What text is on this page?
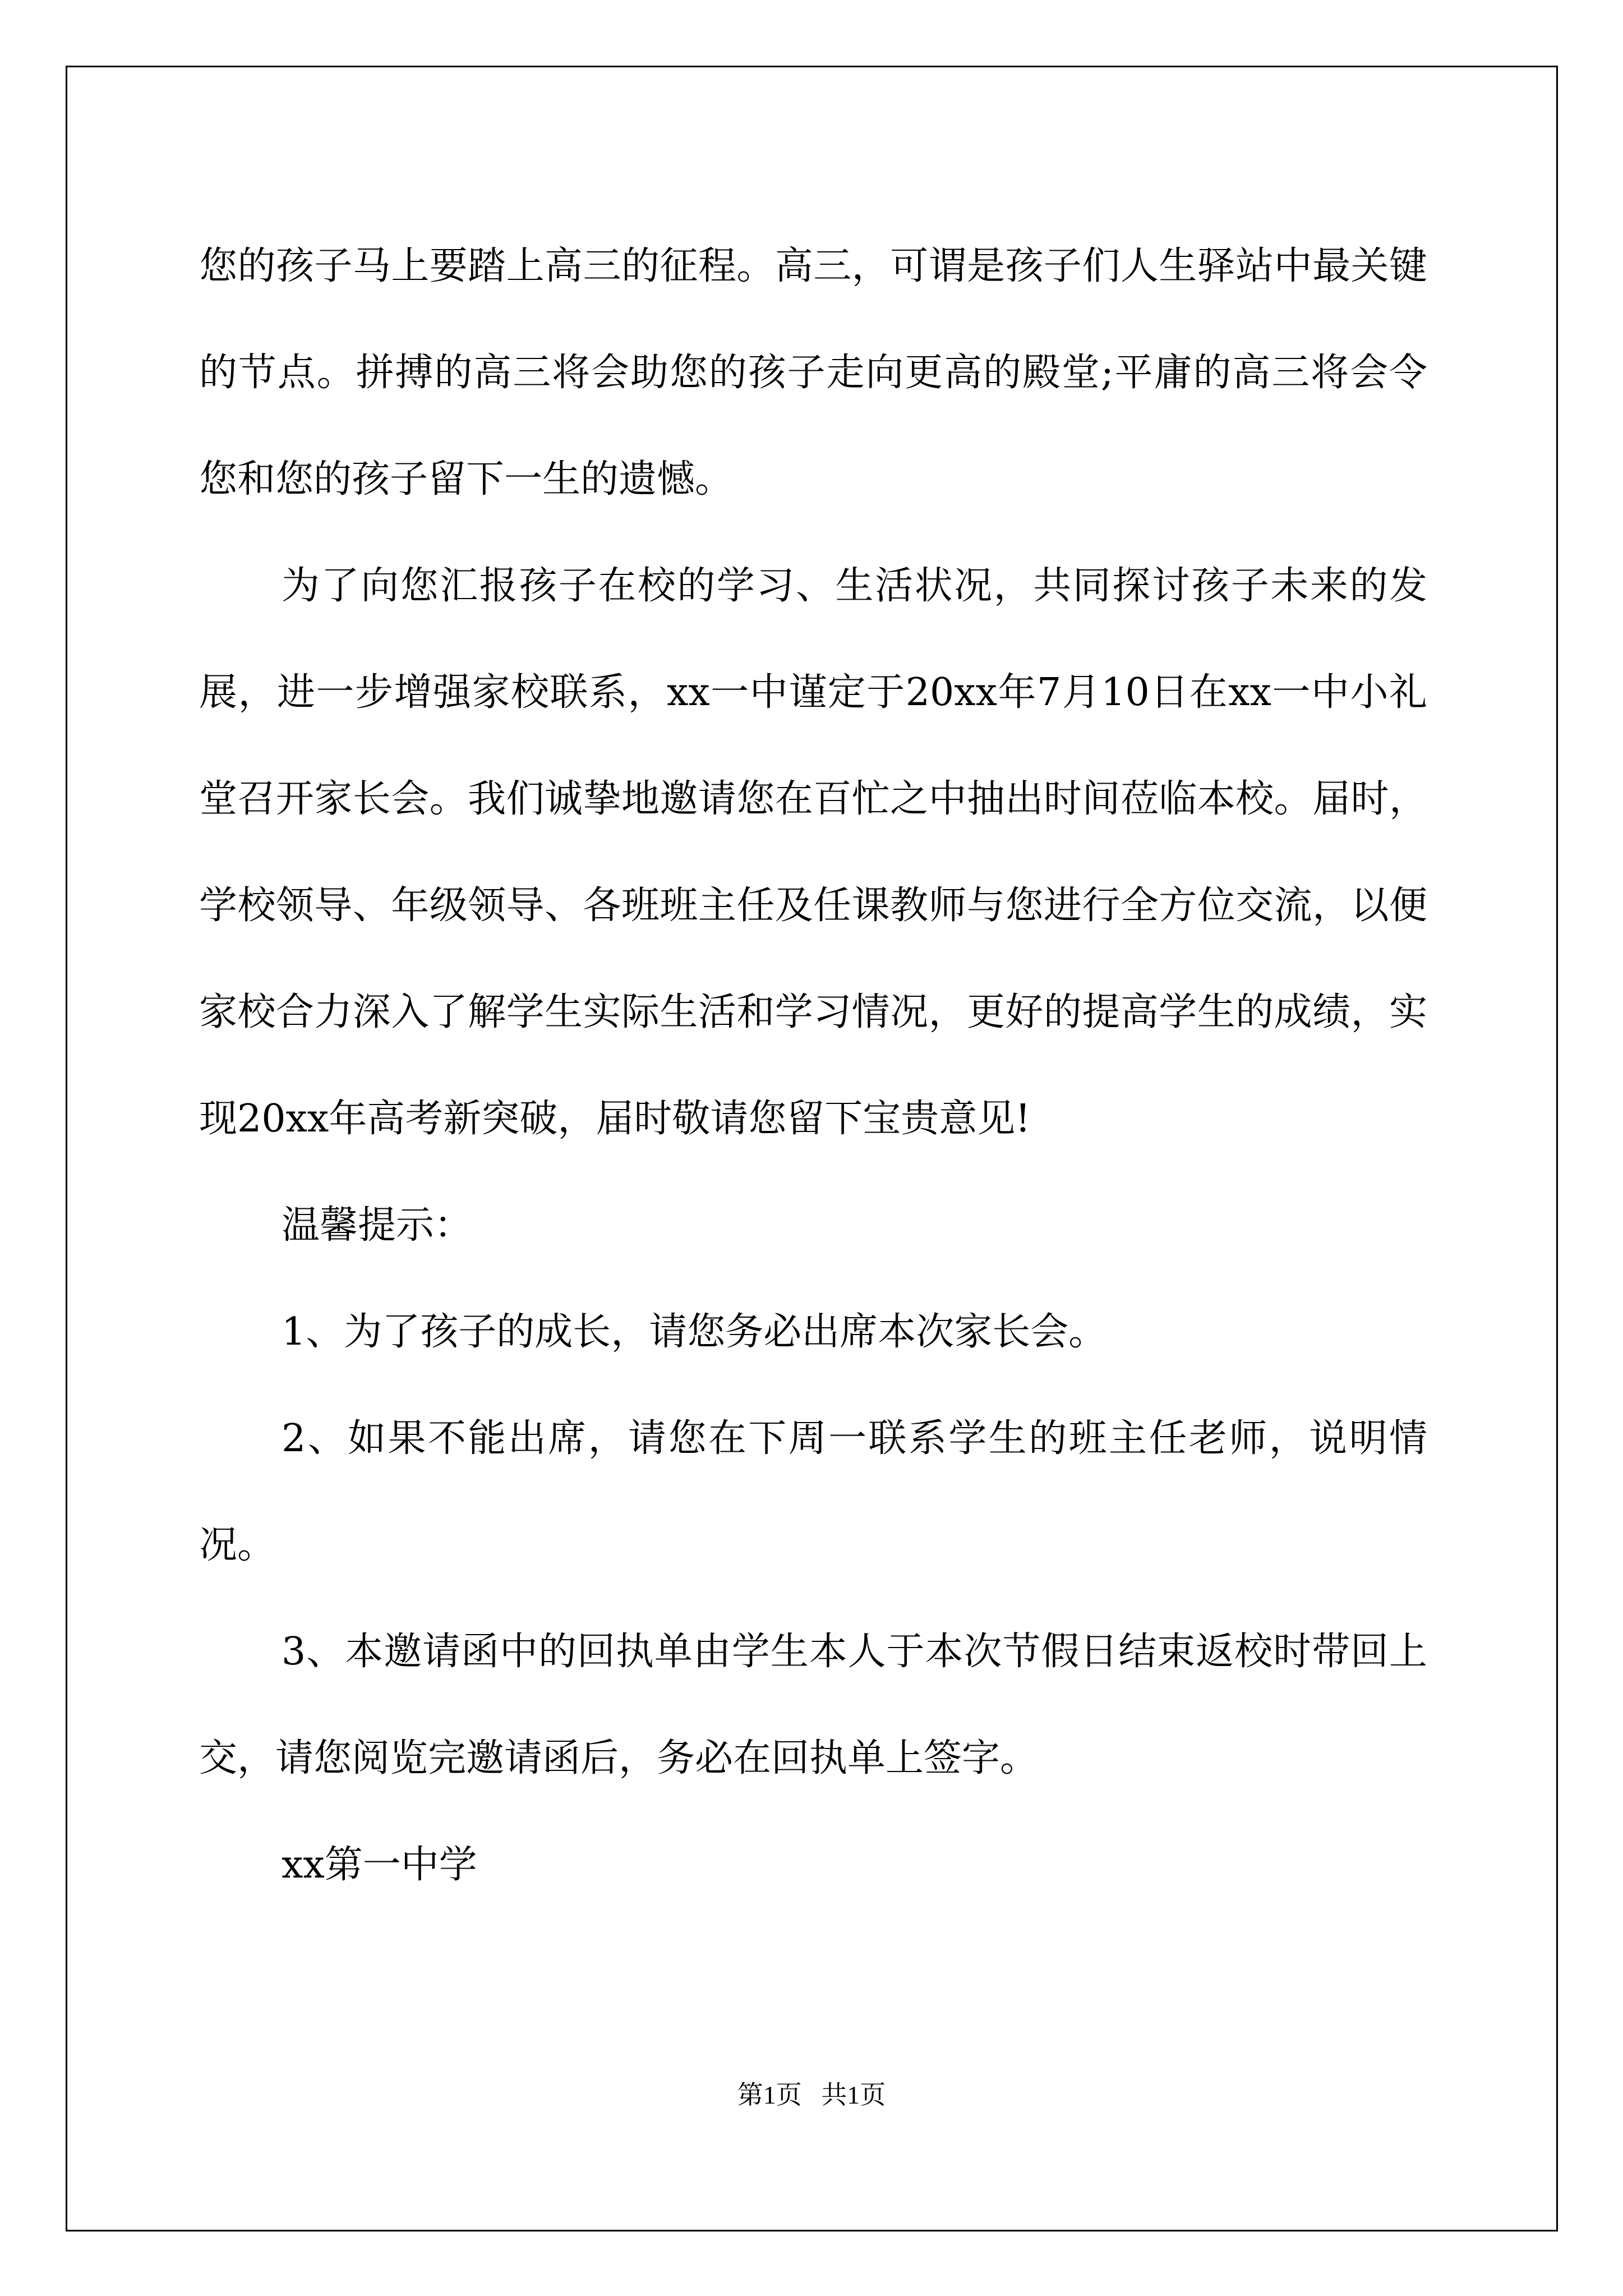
您的孩子马上要踏上高三的征程。高三，可谓是孩子们人生驿站中最关键的节点。拼搏的高三将会助您的孩子走向更高的殿堂;平庸的高三将会令您和您的孩子留下一生的遗憾。

为了向您汇报孩子在校的学习、生活状况，共同探讨孩子未来的发展，进一步增强家校联系，xx一中谨定于20xx年7月10日在xx一中小礼堂召开家长会。我们诚挚地邀请您在百忙之中抽出时间莅临本校。届时，学校领导、年级领导、各班班主任及任课教师与您进行全方位交流，以便家校合力深入了解学生实际生活和学习情况，更好的提高学生的成绩，实现20xx年高考新突破，届时敬请您留下宝贵意见!

温馨提示：

1、为了孩子的成长，请您务必出席本次家长会。

2、如果不能出席，请您在下周一联系学生的班主任老师，说明情况。

3、本邀请函中的回执单由学生本人于本次节假日结束返校时带回上交，请您阅览完邀请函后，务必在回执单上签字。

xx第一中学

第1页   共1页
